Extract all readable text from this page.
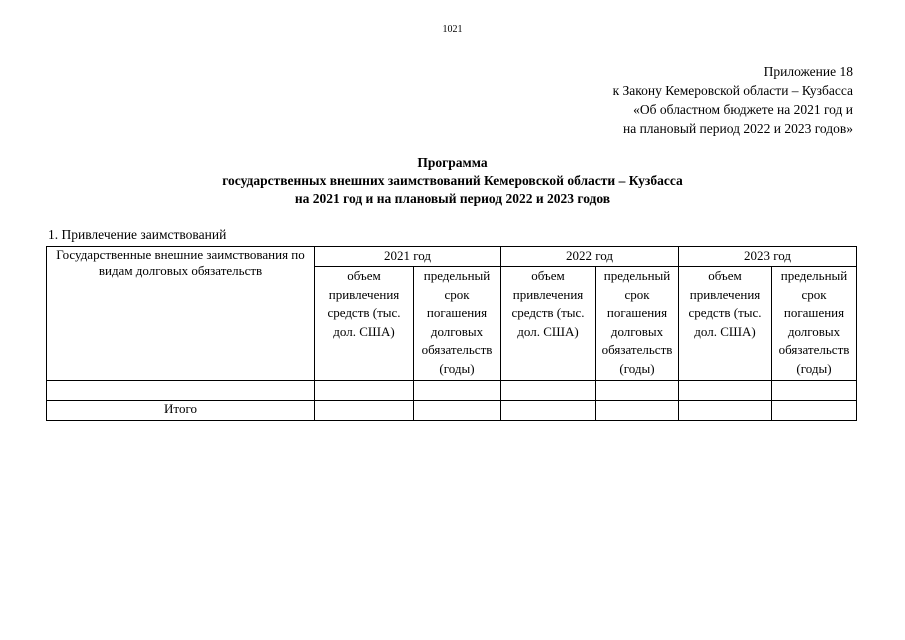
1021
Приложение 18
к Закону Кемеровской области – Кузбасса
«Об областном бюджете на 2021 год и
на плановый период 2022 и 2023 годов»
Программа
государственных внешних заимствований Кемеровской области – Кузбасса
на 2021 год и на плановый период 2022 и 2023 годов
1. Привлечение заимствований
Государственные внешние заимствования по видам долговых обязательств	2021 год		2022 год		2023 год	
	объем привлечения средств (тыс. дол. США)	предельный срок погашения долговых обязательств (годы)	объем привлечения средств (тыс. дол. США)	предельный срок погашения долговых обязательств (годы)	объем привлечения средств (тыс. дол. США)	предельный срок погашения долговых обязательств (годы)

Итого						
